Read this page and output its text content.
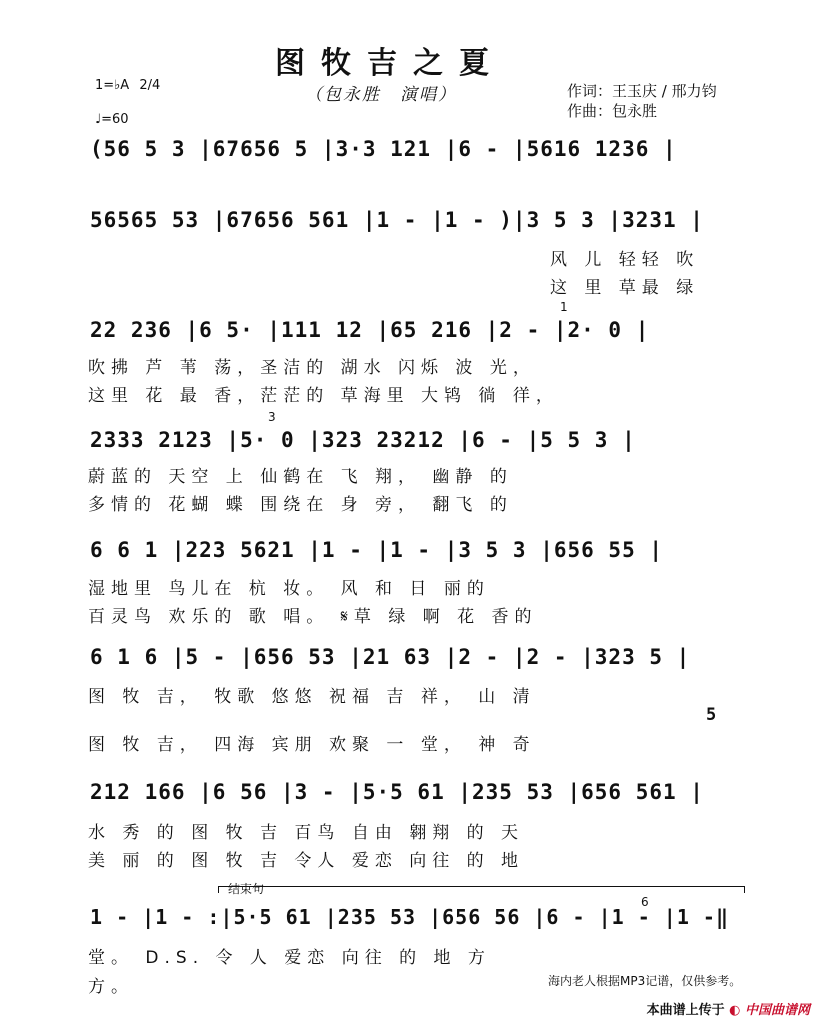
图牧吉之夏
（包永胜　演唱）	作词：王玉庆 / 邢力钧
作曲：包永胜
1=♭A 2/4
♩=60
(56 5 3 |67656 5 |3·3 121 |6 - |5616 1236 |
56565 53 |67656 561 |1 - |1 - )|3 5 3 |3231 |
风 儿 轻轻 吹
这 里 草最 绿
22 236 |6 5· |111 12 |65 216 |2 - |2· 0 |
吹拂 芦 苇 荡，圣洁的 湖水 闪烁 波 光，
这里 花 最 香，茫茫的 草海里 大鸨 徜 徉，
1
2333 2123 |5· 0 |323 23212 |6 - |5 5 3 |
蔚蓝的 天空 上 仙鹤在 飞 翔， 幽静 的
多情的 花蝴 蝶 围绕在 身 旁， 翻飞 的
3
6 6 1 |223 5621 |1 - |1 - |3 5 3 |656 55 |
湿地里 鸟儿在 杭 妆。 风 和 日 丽的
百灵鸟 欢乐的 歌 唱。 𝄋草 绿 啊 花 香的
6 1 6 |5 - |656 53 |21 63 |2 - |2 - |323 5 |
图 牧 吉， 牧歌 悠悠 祝福 吉 祥， 山 清
5
图 牧 吉， 四海 宾朋 欢聚 一 堂， 神 奇
212 166 |6 56 |3 - |5·5 61 |235 53 |656 561 |
水 秀 的 图 牧 吉 百鸟 自由 翱翔 的 天
美 丽 的 图 牧 吉 令人 爱恋 向往 的 地
结束句
1 - |1 - :|5·5 61 |235 53 |656 56 |6 - |1 - |1 -‖
6
堂。 D.S. 令 人 爱恋 向往 的 地 方
方。	海内老人根据MP3记谱，仅供参考。
本曲谱上传于 ◐ 中国曲谱网
